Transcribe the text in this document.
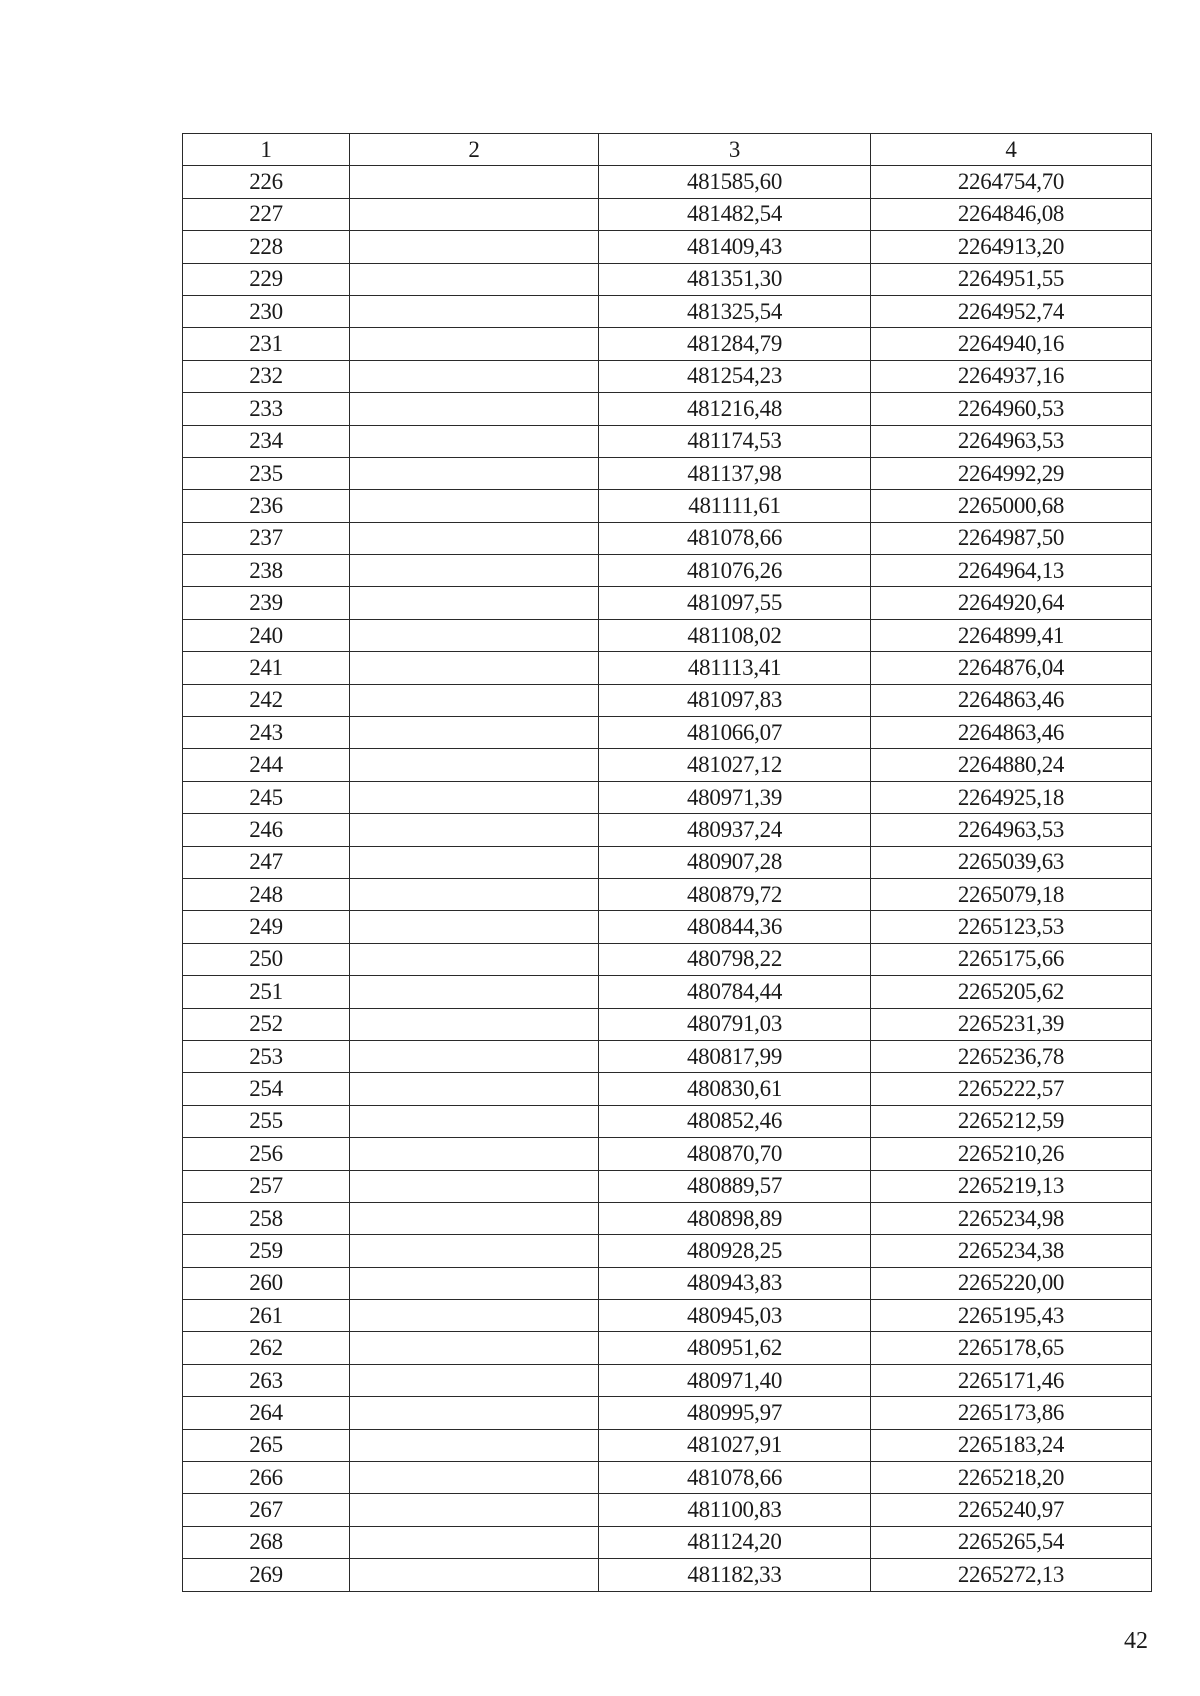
1	2	3	4
226		481585,60	2264754,70
227		481482,54	2264846,08
228		481409,43	2264913,20
229		481351,30	2264951,55
230		481325,54	2264952,74
231		481284,79	2264940,16
232		481254,23	2264937,16
233		481216,48	2264960,53
234		481174,53	2264963,53
235		481137,98	2264992,29
236		481111,61	2265000,68
237		481078,66	2264987,50
238		481076,26	2264964,13
239		481097,55	2264920,64
240		481108,02	2264899,41
241		481113,41	2264876,04
242		481097,83	2264863,46
243		481066,07	2264863,46
244		481027,12	2264880,24
245		480971,39	2264925,18
246		480937,24	2264963,53
247		480907,28	2265039,63
248		480879,72	2265079,18
249		480844,36	2265123,53
250		480798,22	2265175,66
251		480784,44	2265205,62
252		480791,03	2265231,39
253		480817,99	2265236,78
254		480830,61	2265222,57
255		480852,46	2265212,59
256		480870,70	2265210,26
257		480889,57	2265219,13
258		480898,89	2265234,98
259		480928,25	2265234,38
260		480943,83	2265220,00
261		480945,03	2265195,43
262		480951,62	2265178,65
263		480971,40	2265171,46
264		480995,97	2265173,86
265		481027,91	2265183,24
266		481078,66	2265218,20
267		481100,83	2265240,97
268		481124,20	2265265,54
269		481182,33	2265272,13
42
